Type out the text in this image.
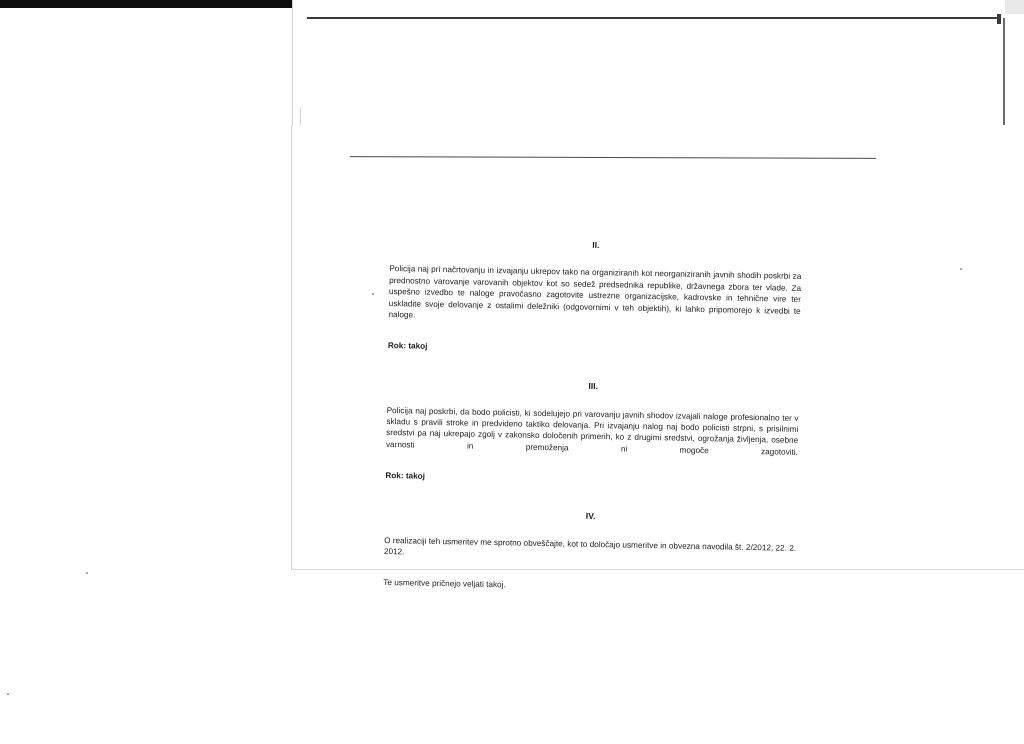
II.

Policija naj pri načrtovanju in izvajanju ukrepov tako na organiziranih kot neorganiziranih javnih shodih poskrbi za prednostno varovanje varovanih objektov kot so sedež predsednika republike, državnega zbora ter vlade. Za uspešno izvedbo te naloge pravočasno zagotovite ustrezne organizacijske, kadrovske in tehnične vire ter uskladite svoje delovanje z ostalimi deležniki (odgovornimi v teh objektih), ki lahko pripomorejo k izvedbi te naloge.

Rok: takoj

III.

Policija naj poskrbi, da bodo policisti, ki sodelujejo pri varovanju javnih shodov izvajali naloge profesionalno ter v skladu s pravili stroke in predvideno taktiko delovanja. Pri izvajanju nalog naj bodo policisti strpni, s prisilnimi sredstvi pa naj ukrepajo zgolj v zakonsko določenih primerih, ko z drugimi sredstvi, ogrožanja življenja, osebne varnosti in premoženja ni mogoče zagotoviti.

Rok: takoj

IV.

O realizaciji teh usmeritev me sprotno obveščajte, kot to določajo usmeritve in obvezna navodila št. 2/2012, 22. 2. 2012.

Te usmeritve pričnejo veljati takoj.
